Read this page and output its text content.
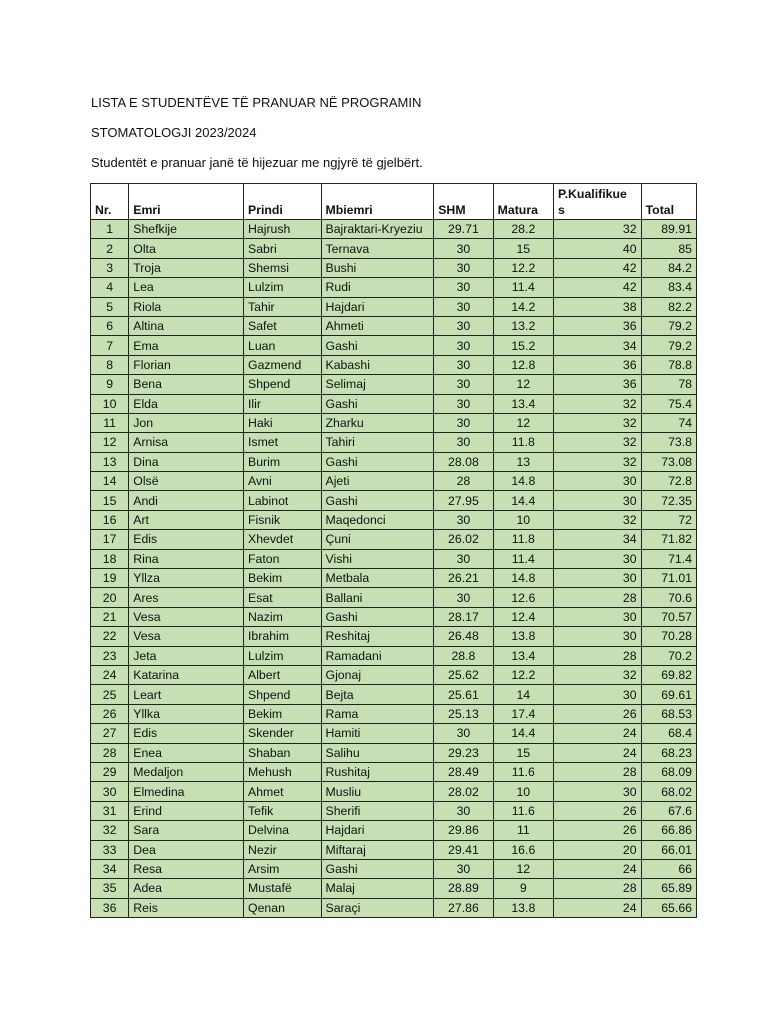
LISTA E STUDENTËVE TË PRANUAR NË PROGRAMIN
STOMATOLOGJI 2023/2024
Studentët e pranuar janë të hijezuar me ngjyrë të gjelbërt.
Nr.	Emri	Prindi	Mbiemri	SHM	Matura	P.Kualifikue s	Total
1	Shefkije	Hajrush	Bajraktari-Kryeziu	29.71	28.2	32	89.91
2	Olta	Sabri	Ternava	30	15	40	85
3	Troja	Shemsi	Bushi	30	12.2	42	84.2
4	Lea	Lulzim	Rudi	30	11.4	42	83.4
5	Riola	Tahir	Hajdari	30	14.2	38	82.2
6	Altina	Safet	Ahmeti	30	13.2	36	79.2
7	Ema	Luan	Gashi	30	15.2	34	79.2
8	Florian	Gazmend	Kabashi	30	12.8	36	78.8
9	Bena	Shpend	Selimaj	30	12	36	78
10	Elda	Ilir	Gashi	30	13.4	32	75.4
11	Jon	Haki	Zharku	30	12	32	74
12	Arnisa	Ismet	Tahiri	30	11.8	32	73.8
13	Dina	Burim	Gashi	28.08	13	32	73.08
14	Olsë	Avni	Ajeti	28	14.8	30	72.8
15	Andi	Labinot	Gashi	27.95	14.4	30	72.35
16	Art	Fisnik	Maqedonci	30	10	32	72
17	Edis	Xhevdet	Çuni	26.02	11.8	34	71.82
18	Rina	Faton	Vishi	30	11.4	30	71.4
19	Yllza	Bekim	Metbala	26.21	14.8	30	71.01
20	Ares	Esat	Ballani	30	12.6	28	70.6
21	Vesa	Nazim	Gashi	28.17	12.4	30	70.57
22	Vesa	Ibrahim	Reshitaj	26.48	13.8	30	70.28
23	Jeta	Lulzim	Ramadani	28.8	13.4	28	70.2
24	Katarina	Albert	Gjonaj	25.62	12.2	32	69.82
25	Leart	Shpend	Bejta	25.61	14	30	69.61
26	Yllka	Bekim	Rama	25.13	17.4	26	68.53
27	Edis	Skender	Hamiti	30	14.4	24	68.4
28	Enea	Shaban	Salihu	29.23	15	24	68.23
29	Medaljon	Mehush	Rushitaj	28.49	11.6	28	68.09
30	Elmedina	Ahmet	Musliu	28.02	10	30	68.02
31	Erind	Tefik	Sherifi	30	11.6	26	67.6
32	Sara	Delvina	Hajdari	29.86	11	26	66.86
33	Dea	Nezir	Miftaraj	29.41	16.6	20	66.01
34	Resa	Arsim	Gashi	30	12	24	66
35	Adea	Mustafë	Malaj	28.89	9	28	65.89
36	Reis	Qenan	Saraçi	27.86	13.8	24	65.66
